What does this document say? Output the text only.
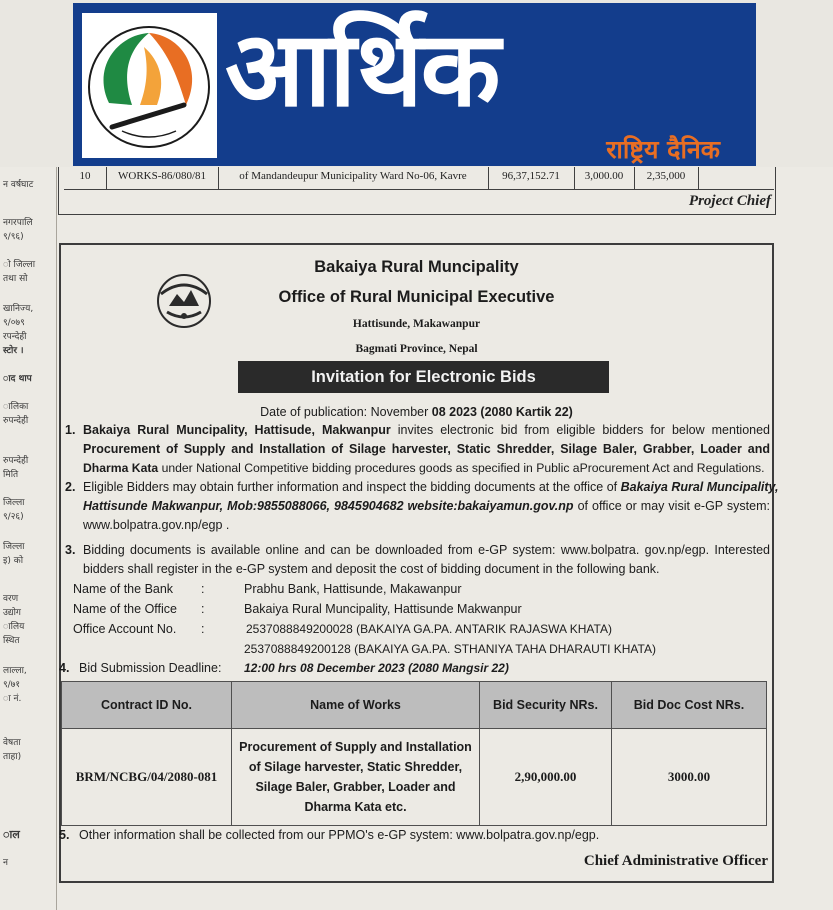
आर्थिक
राष्ट्रिय दैनिक
न वर्षघाट
नगरपालि
९/९६)
ो जिल्ला
तथा सो
खानिज्य,
९/०७९
रपन्देही
स्टोर ।
ाद थाप
ालिका
रुपन्देही
रुपन्देही
मिति
जिल्ला
९/२६)
जिल्ला
इ) को
वरण
उद्योग
ालिय
स्थित
लाल्ला,
९/७१
ा नं.
वेषता
ताहा)
ाल
न
10	WORKS-86/080/81	of Mandandeupur Municipality Ward No-06, Kavre	96,37,152.71	3,000.00	2,35,000
Project Chief
Bakaiya Rural Muncipality
Office of Rural Municipal Executive
Hattisunde, Makawanpur
Bagmati Province, Nepal
Invitation for Electronic Bids
Date of publication: November 08 2023 (2080 Kartik 22)
1. Bakaiya Rural Muncipality, Hattisude, Makwanpur invites electronic bid from eligible bidders for below mentioned
Procurement of Supply and Installation of Silage harvester, Static Shredder, Silage Baler, Grabber, Loader and
Dharma Kata under National Competitive bidding procedures goods as specified in Public aProcurement Act and Regulations.
2. Eligible Bidders may obtain further information and inspect the bidding documents at the office of Bakaiya Rural Muncipality,
Hattisunde Makwanpur, Mob:9855088066, 9845904682 website:bakaiyamun.gov.np of office or may visit e-GP system:
www.bolpatra.gov.np/egp .
3. Bidding documents is available online and can be downloaded from e-GP system: www.bolpatra. gov.np/egp. Interested
bidders shall register in the e-GP system and deposit the cost of bidding document in the following bank.
Name of the Bank :	Prabhu Bank, Hattisunde, Makawanpur
Name of the Office :	Bakaiya Rural Muncipality, Hattisunde Makwanpur
Office Account No. :	2537088849200028 (BAKAIYA GA.PA. ANTARIK RAJASWA KHATA)
2537088849200128 (BAKAIYA GA.PA. STHANIYA TAHA DHARAUTI KHATA)
4. Bid Submission Deadline: 12:00 hrs 08 December 2023 (2080 Mangsir 22)
Contract ID No.	Name of Works	Bid Security NRs.	Bid Doc Cost NRs.
BRM/NCBG/04/2080-081	Procurement of Supply and Installation
of Silage harvester, Static Shredder,
Silage Baler, Grabber, Loader and
Dharma Kata etc.	2,90,000.00	3000.00
5. Other information shall be collected from our PPMO's e-GP system: www.bolpatra.gov.np/egp.
Chief Administrative Officer
